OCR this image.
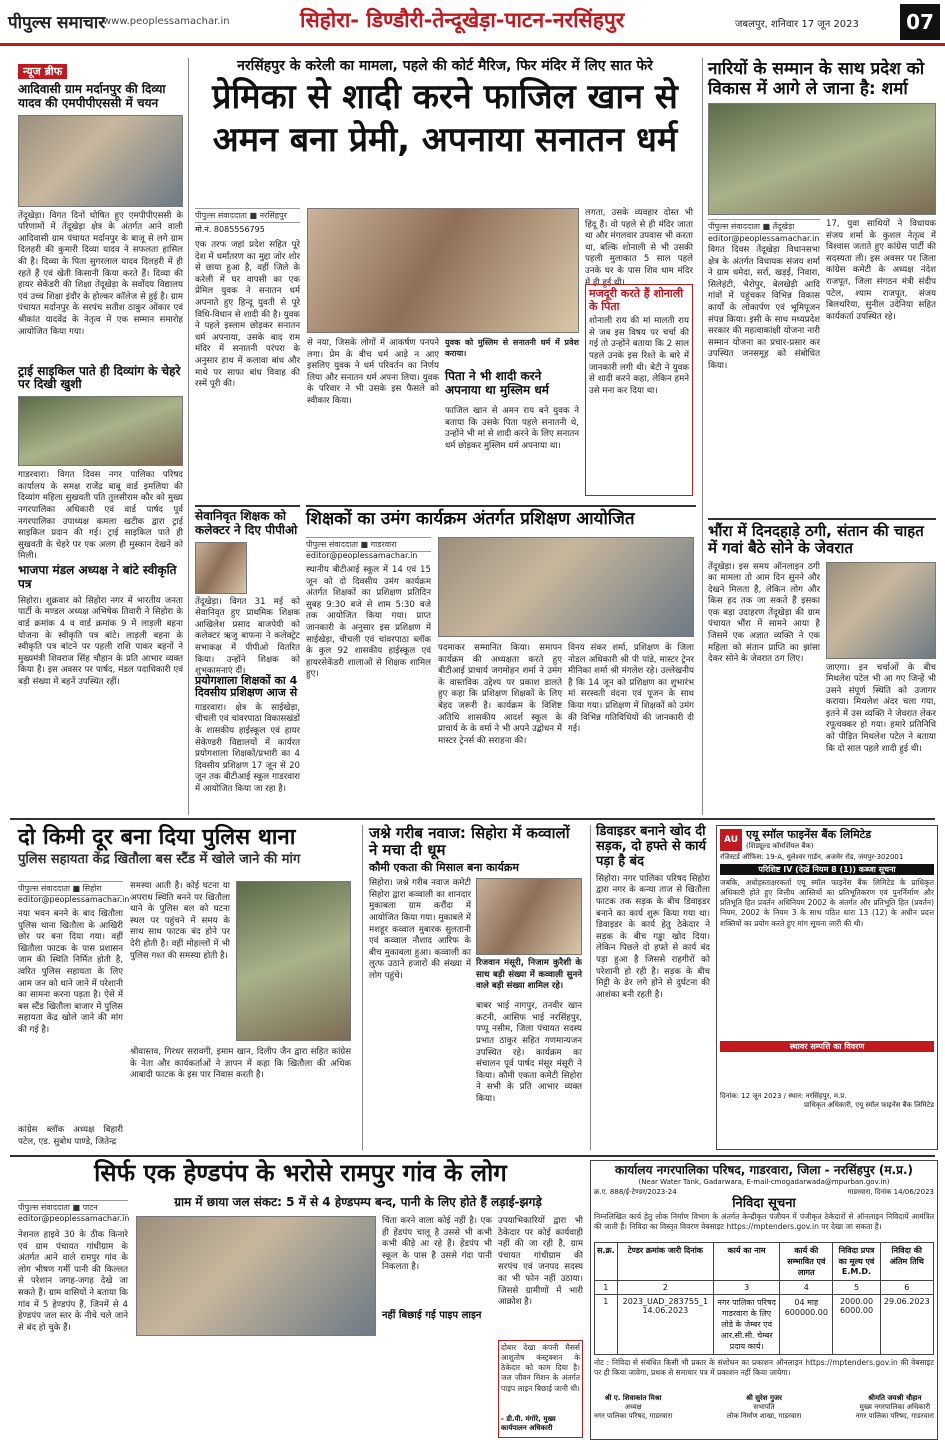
पीपुल्स समाचार
www.peoplessamachar.in	सिहोरा- डिण्डौरी-तेन्दूखेड़ा-पाटन-नरसिंहपुर	जबलपुर, शनिवार 17 जून 2023	07
न्यूज ब्रीफ
आदिवासी ग्राम मर्दानपुर की दिव्या यादव की एमपीपीएससी में चयन
तेंदूखेड़ा। विगत दिनों घोषित हुए एमपीपीएससी के परिणामों में तेंदूखेड़ा क्षेत्र के अंतर्गत आने वाली आदिवासी ग्राम पंचायत मर्दानपुर के बाजू से लगे ग्राम दिलहरी की कुमारी दिव्या यादव ने सफलता हासिल की है। दिव्या के पिता सुगरलाल यादव दिलहरी में ही रहते हैं एवं खेती किसानी किया करते हैं। दिव्या की हायर सेकेंडरी की शिक्षा तेंदूखेड़ा के सर्वोदय विद्यालय एवं उच्च शिक्षा इंदौर के होल्कर कॉलेज से हुई है। ग्राम पंचायत मर्दानपुर के सरपंच सतीश ठाकुर ओंकार एवं श्रीकांत यादवेंद्र के नेतृत्व में एक सम्मान समारोह आयोजित किया गया।
ट्राई साइकिल पाते ही दिव्यांग के चेहरे पर दिखी खुशी
गाडरवारा। विगत दिवस नगर पालिका परिषद कार्यालय के समक्ष राजेंद्र बाबू वार्ड इमलिया की दिव्यांग महिला सुखवती पति तुलसीराम कौर को मुख्य नगरपालिका अधिकारी एवं वार्ड पार्षद पूर्व नगरपालिका उपाध्यक्ष कमला खटीक द्वारा ट्राई साइकिल प्रदान की गई। ट्राई साइकिल पाते ही सुखवती के चेहरे पर एक अलग ही मुस्कान देखने को मिली।
भाजपा मंडल अध्यक्ष ने बांटे स्वीकृति पत्र
सिहोरा। शुक्रवार को सिहोरा नगर में भारतीय जनता पार्टी के मण्डल अध्यक्ष अभिषेक तिवारी ने सिहोरा के वार्ड क्रमांक 4 व वार्ड क्रमांक 9 में लाड़ली बहना योजना के स्वीकृति पत्र बांटे। लाड़ली बहना के स्वीकृति पत्र बांटने पर पहली राशि पाकर बहनों ने मुख्यमंत्री शिवराज सिंह चौहान के प्रति आभार व्यक्त किया है। इस अवसर पर पार्षद, मंडल पदाधिकारी एवं बड़ी संख्या में बहनें उपस्थित रहीं।
नरसिंहपुर के करेली का मामला, पहले की कोर्ट मैरिज, फिर मंदिर में लिए सात फेरे
प्रेमिका से शादी करने फाजिल खान से
अमन बना प्रेमी, अपनाया सनातन धर्म
पीपुल्स संवाददाता ■ नरसिंहपुर
मो.नं. 8085556795
एक तरफ जहां प्रदेश सहित पूरे देश में धर्मांतरण का मुद्दा जोर शोर से छाया हुआ है, वहीं जिले के करेली में घर वापसी का एक प्रेमिल युवक ने सनातन धर्म अपनाते हुए हिन्दू युवती से पूरे विधि-विधान से शादी की है। युवक ने पहले इस्लाम छोड़कर सनातन धर्म अपनाया, उसके बाद राम मंदिर में सनातनी परंपरा के अनुसार हाथ में कलावा बांध और माथे पर साफा बांध विवाह की रस्में पूरी की।
से नया, जिसके लोगों में आकर्षण पनपने लगा। प्रेम के बीच धर्म आड़े न आए इसलिए युवक ने धर्म परिवर्तन का निर्णय लिया और सनातन धर्म अपना लिया। युवक के परिवार ने भी उसके इस फैसले को स्वीकार किया।
युवक को मुस्लिम से सनातनी धर्म में प्रवेश कराया।
पिता ने भी शादी करने अपनाया था मुस्लिम धर्म
फाजिल खान से अमन राय बने युवक ने बताया कि उसके पिता पहले सनातनी थे, उन्होंने भी मां से शादी करने के लिए सनातन धर्म छोड़कर मुस्लिम धर्म अपनाया था।
लगता, उसके व्यवहार दोस्त भी हिंदू हैं। वो पहले से ही मंदिर जाता था और मंगलवार उपवास भी करता था, बल्कि शोनाली से भी उसकी पहली मुलाकात 5 साल पहले उनके घर के पास शिव धाम मंदिर में ही हुई थी।
मजदूरी करते हैं शोनाली के पिता
शोनाली राय की मां मालती राय से जब इस विषय पर चर्चा की गई तो उन्होंने बताया कि 2 साल पहले उनके इस रिश्ते के बारे में जानकारी लगी थी। बेटी ने युवक से शादी करने कहा, लेकिन हमने उसे मना कर दिया था।
नारियों के सम्मान के साथ प्रदेश को विकास में आगे ले जाना है: शर्मा
पीपुल्स संवाददाता ■ तेंदूखेड़ा
editor@peoplessamachar.in
विगत दिवस तेंदूखेड़ा विधानसभा क्षेत्र के अंतर्गत विधायक संजय शर्मा ने ग्राम धमेदा, सर्रा, खड़ई, निवारा, सिलेहंटी, भैरोपुर, बेलखेड़ी आदि गांवों में पहुंचकर विभिन्न विकास कार्यों के लोकार्पण एवं भूमिपूजन संपन्न किया। इसी के साथ मध्यप्रदेश सरकार की महत्वाकांक्षी योजना नारी सम्मान योजना का प्रचार-प्रसार कर उपस्थित जनसमूह को संबोधित किया।
17, युवा साथियों ने विधायक संजय शर्मा के कुशल नेतृत्व में विश्वास जताते हुए कांग्रेस पार्टी की सदस्यता ली। इस अवसर पर जिला कांग्रेस कमेटी के अध्यक्ष नंदेश राजपूत, जिला संगठन मंत्री संदीप पटेल, श्याम राजपूत, संजय बिलथरिया, सुनील उदेनिया सहित कार्यकर्ता उपस्थित रहे।
भौंरा में दिनदहाड़े ठगी, संतान की चाहत में गवां बैठे सोने के जेवरात
तेंदूखेड़ा। इस समय ऑनलाइन ठगी का मामला तो आम दिन सुनने और देखने मिलता है, लेकिन लोग और किस हद तक जा सकते हैं इसका एक बड़ा उदाहरण तेंदूखेड़ा की ग्राम पंचायत भौंरा में सामने आया है जिसमें एक अज्ञात व्यक्ति ने एक महिला को संतान प्राप्ति का झांसा देकर सोने के जेवरात ठग लिए।
जाएगा। इन चर्चाओं के बीच मिथलेश पटेल भी आ गए जिन्हें भी उसने संपूर्ण स्थिति को उजागर कराया। मिथलेश अंदर चला गया, इतने में उस व्यक्ति ने जेवरात लेकर रफूचक्कर हो गया। हमारे प्रतिनिधि को पीड़ित मिथलेश पटेल ने बताया कि दो साल पहले शादी हुई थी।
सेवानिवृत शिक्षक को कलेक्टर ने दिए पीपीओ
तेंदूखेड़ा। विगत 31 मई को सेवानिवृत हुए प्राथमिक शिक्षक आखिलेश प्रसाद बाजपेयी को कलेक्टर ऋजु बाफना ने कलेक्ट्रेट सभाकक्ष में पीपीओ वितरित किया। उन्होंने शिक्षक को शुभकामनाएं दीं।
प्रयोगशाला शिक्षकों का 4 दिवसीय प्रशिक्षण आज से
गाडरवारा। क्षेत्र के साईखेड़ा, चीचली एवं चांवरपाठा विकासखंडों के शासकीय हाईस्कूल एवं हायर सेकेण्डरी विद्यालयों में कार्यरत प्रयोगशाला शिक्षकों/प्रभारी का 4 दिवसीय प्रशिक्षण 17 जून से 20 जून तक बीटीआई स्कूल गाडरवारा में आयोजित किया जा रहा है।
शिक्षकों का उमंग कार्यक्रम अंतर्गत प्रशिक्षण आयोजित
पीपुल्स संवाददाता ■ गाडरवारा
editor@peoplessamachar.in
स्थानीय बीटीआई स्कूल में 14 एवं 15 जून को दो दिवसीय उमंग कार्यक्रम अंतर्गत शिक्षकों का प्रशिक्षण प्रतिदिन सुबह 9:30 बजे से शाम 5:30 बजे तक आयोजित किया गया। प्राप्त जानकारी के अनुसार इस प्रशिक्षण में साईखेड़ा, चीचली एवं चांवरपाठा ब्लॉक के कुल 92 शासकीय हाईस्कूल एवं हायरसेकेंडरी शालाओं से शिक्षक शामिल हुए।
पदमाकर सम्मानित किया। समापन कार्यक्रम की अध्यक्षता करते हुए बीटीआई प्राचार्य जगमोहन शर्मा ने उमंग के वास्तविक उद्देश्य पर प्रकाश डालते हुए कहा कि प्रशिक्षण शिक्षकों के लिए बेहद जरूरी है। कार्यक्रम के विशिष्ट अतिथि शासकीय आदर्श स्कूल के प्राचार्य के के वर्मा ने भी अपने उद्बोधन में मास्टर ट्रेनर्स की सराहना की।
विनय संकर शर्मा, प्रशिक्षण के जिला नोडल अधिकारी श्री पी पांडे, मास्टर ट्रेनर मीनिका शर्मा श्री मंगलेश रहे। उल्लेखनीय है कि 14 जून को प्रशिक्षण का शुभारंभ मां सरस्वती वंदना एवं पूजन के साथ किया गया। प्रशिक्षण में शिक्षकों को उमंग की विभिन्न गतिविधियों की जानकारी दी गई।
दो किमी दूर बना दिया पुलिस थाना
पुलिस सहायता केंद्र खितौला बस स्टैंड में खोले जाने की मांग
पीपुल्स संवाददाता ■ सिहोरा
editor@peoplessamachar.in
नया भवन बनने के बाद खितौला पुलिस थाना खितौला के आखिरी छोर पर बना दिया गया। वहीं खितौला फाटक के पास प्रशासन जाम की स्थिति निर्मित होती है, त्वरित पुलिस सहायता के लिए आम जन को थाने जाने में परेशानी का सामना करना पड़ता है। ऐसे में बस स्टैंड खितौला बाजार में पुलिस सहायता केंद्र खोले जाने की मांग की गई है।
समस्या आती है। कोई घटना या अपराध स्थिति बनने पर खितौला थाने के पुलिस बल को घटना स्थल पर पहुंचने में समय के साथ साथ फाटक बंद होने पर देरी होती है। वहीं मोहल्लों में भी पुलिस गश्त की समस्या होती है।
श्रीवास्तव, गिरधर सरावगी, इमाम खान, दिलीप जैन द्वारा सहित कांग्रेस के नेता और कार्यकर्ताओं ने ज्ञापन में कहा कि खितौला की अधिक आबादी फाटक के इस पार निवास करती है।
कांग्रेस ब्लॉक अध्यक्ष बिहारी पटेल, एड. सुबोध पाण्डे, जितेन्द्र
जश्ने गरीब नवाज: सिहोरा में कव्वालों ने मचा दी धूम
कौमी एकता की मिसाल बना कार्यक्रम
सिहोरा। जश्ने गरीब नवाज कमेटी सिहोरा द्वारा कव्वाली का शानदार मुकाबला ग्राम करौंदा में आयोजित किया गया। मुकाबले में मशहूर कव्वाल मुबारक सुलतानी एवं कव्वाल नौशाद आरिफ के बीच मुकाबला हुआ। कव्वाली का लुत्फ उठाने हजारों की संख्या में लोग पहुंचे।
रिजवान मंसूरी, निजाम कुरैशी के साथ बड़ी संख्या में कव्वाली सुनने वाले बड़ी संख्या शामिल रहे।
बाबर भाई नागपुर, तनवीर खान कटनी, आसिफ भाई नरसिंहपुर, पप्पू नसीम, जिला पंचायत सदस्य प्रभात ठाकुर सहित गणमान्यजन उपस्थित रहे। कार्यक्रम का संचालन पूर्व पार्षद मंसूर मंसूरी ने किया। कौमी एकता कमेटी सिहोरा ने सभी के प्रति आभार व्यक्त किया।
डिवाइडर बनाने खोद दी सड़क, दो हफ्ते से कार्य पड़ा है बंद
सिहोरा। नगर पालिका परिषद सिहोरा द्वारा नगर के कन्या ताज से खितौला फाटक तक सड़क के बीच डिवाइडर बनाने का कार्य शुरू किया गया था। डिवाइडर के कार्य हेतु ठेकेदार ने सड़क के बीच गड्ढा खोद दिया। लेकिन पिछले दो हफ्ते से कार्य बंद पड़ा हुआ है जिससे राहगीरों को परेशानी हो रही है। सड़क के बीच मिट्टी के ढेर लगे होने से दुर्घटना की आशंका बनी रहती है।
AU एयू स्मॉल फाइनेंस बैंक लिमिटेड
(शिड्यूल्ड कॉमर्शियल बैंक)
रजिस्टर्ड ऑफिस: 19-A, धुलेश्वर गार्डन, अजमेर रोड, जयपुर-302001
परिशिष्ट IV (देखें नियम 8 (1)) कब्जा सूचना
जबकि, अधोहस्ताक्षरकर्ता एयू स्मॉल फाइनेंस बैंक लिमिटेड के प्राधिकृत अधिकारी होते हुए वित्तीय आस्तियों का प्रतिभूतिकरण एवं पुनर्निर्माण और प्रतिभूति हित प्रवर्तन अधिनियम 2002 के अंतर्गत और प्रतिभूति हित (प्रवर्तन) नियम, 2002 के नियम 3 के साथ पठित धारा 13 (12) के अधीन प्रदत्त शक्तियों का प्रयोग करते हुए मांग सूचना जारी की थी।
स्थावर सम्पत्ति का विवरण
दिनांक: 12 जून 2023 / स्थान: नरसिंहपुर, म.प्र.
प्राधिकृत अधिकारी, एयू स्मॉल फाइनेंस बैंक लिमिटेड
सिर्फ एक हेण्डपंप के भरोसे रामपुर गांव के लोग
पीपुल्स संवाददाता ■ पाटन
editor@peoplessamachar.in
ग्राम में छाया जल संकट: 5 में से 4 हेण्डपम्प बन्द, पानी के लिए होते हैं लड़ाई-झगड़े
नेशनल हाइवे 30 के ठीक किनारे एवं ग्राम पंचायत गांधीग्राम के अंतर्गत आने वाले रामपुर गांव के लोग भीषण गर्मी पानी की किल्लत से परेशान जगह-जगह देखे जा सकते हैं। ग्राम वासियों ने बताया कि गांव में 5 हेण्डपंप हैं, जिनमें से 4 हेण्डपंप जल स्तर के नीचे चले जाने से बंद हो चुके हैं।
चिंता करने वाला कोई नहीं है। एक ही हेंडपंप चालू है उससे भी कभी कभी कीड़े आ रहे हैं। हेंडपंप भी स्कूल के पास है उससे गंदा पानी निकलता है।
नहीं बिछाई गई पाइप लाइन
उपयाभिकारियों द्वारा भी ठेकेदार पर कोई कार्यवाही नहीं की जा रही है, ग्राम पंचायत गांधीग्राम की सरपंच एवं जनपद सदस्य का भी फोन नहीं उठाया। जिससे ग्रामीणों में भारी आक्रोश है।
दोबार देखा कंपनी मैसर्स आशुतोष कंस्ट्रक्शन के ठेकेदार को काम दिया है। जल जीवन मिशन के अंतर्गत पाइप लाइन बिछाई जानी थी।
- डी.पी. मंगोरे, मुख्य कार्यपालन अधिकारी
कार्यालय नगरपालिका परिषद, गाडरवारा, जिला - नरसिंहपुर (म.प्र.)
(Near Water Tank, Gadarwara, E-mail-cmogadarwada@mpurban.gov.in)
क्र.ए. 888/ई-टेण्डर/2023-24	गाडरवारा, दिनांक 14/06/2023
निविदा सूचना
निम्नलिखित कार्य हेतु लोक निर्माण विभाग के अंतर्गत केन्द्रीकृत पंजीयन में पंजीकृत ठेकेदारों से ऑनलाइन निविदायें आमंत्रित की जाती हैं। निविदा का विस्तृत विवरण वेबसाइट https://mptenders.gov.in पर देखा जा सकता है।
स.क्र.	टेण्डर क्रमांक जारी दिनांक	कार्य का नाम	कार्य की सम्भावित एवं लागत	निविदा प्रपत्र का मूल्य एवं E.M.D.	निविदा की अंतिम तिथि
1	2	3	4	5	6
1	2023_UAD_283755_1 14.06.2023	नगर पालिका परिषद गाडरवारा के लिए लोडे के जेम्बर एवं आर.सी.सी. चेम्बर प्रदाय कार्य।	04 माह 600000.00	2000.00 6000.00	29.06.2023
नोट : निविदा से संबंधित किसी भी प्रकार के संशोधन का प्रकाशन ऑनलाइन https://mptenders.gov.in की वेबसाइट पर ही किया जावेगा, प्रथक से समाचार पत्र में प्रकाशन नहीं किया जायेगा।
श्री ए. शिवाकांत मिश्रा
अध्यक्ष
नगर पालिका परिषद, गाडरवारा
श्री सुरेश गुजर
सभापति
लोक निर्माण शाखा, गाडरवारा
श्रीमति जयश्री चौहान
मुख्य नगरपालिका अधिकारी
नगर पालिका परिषद, गाडरवारा
